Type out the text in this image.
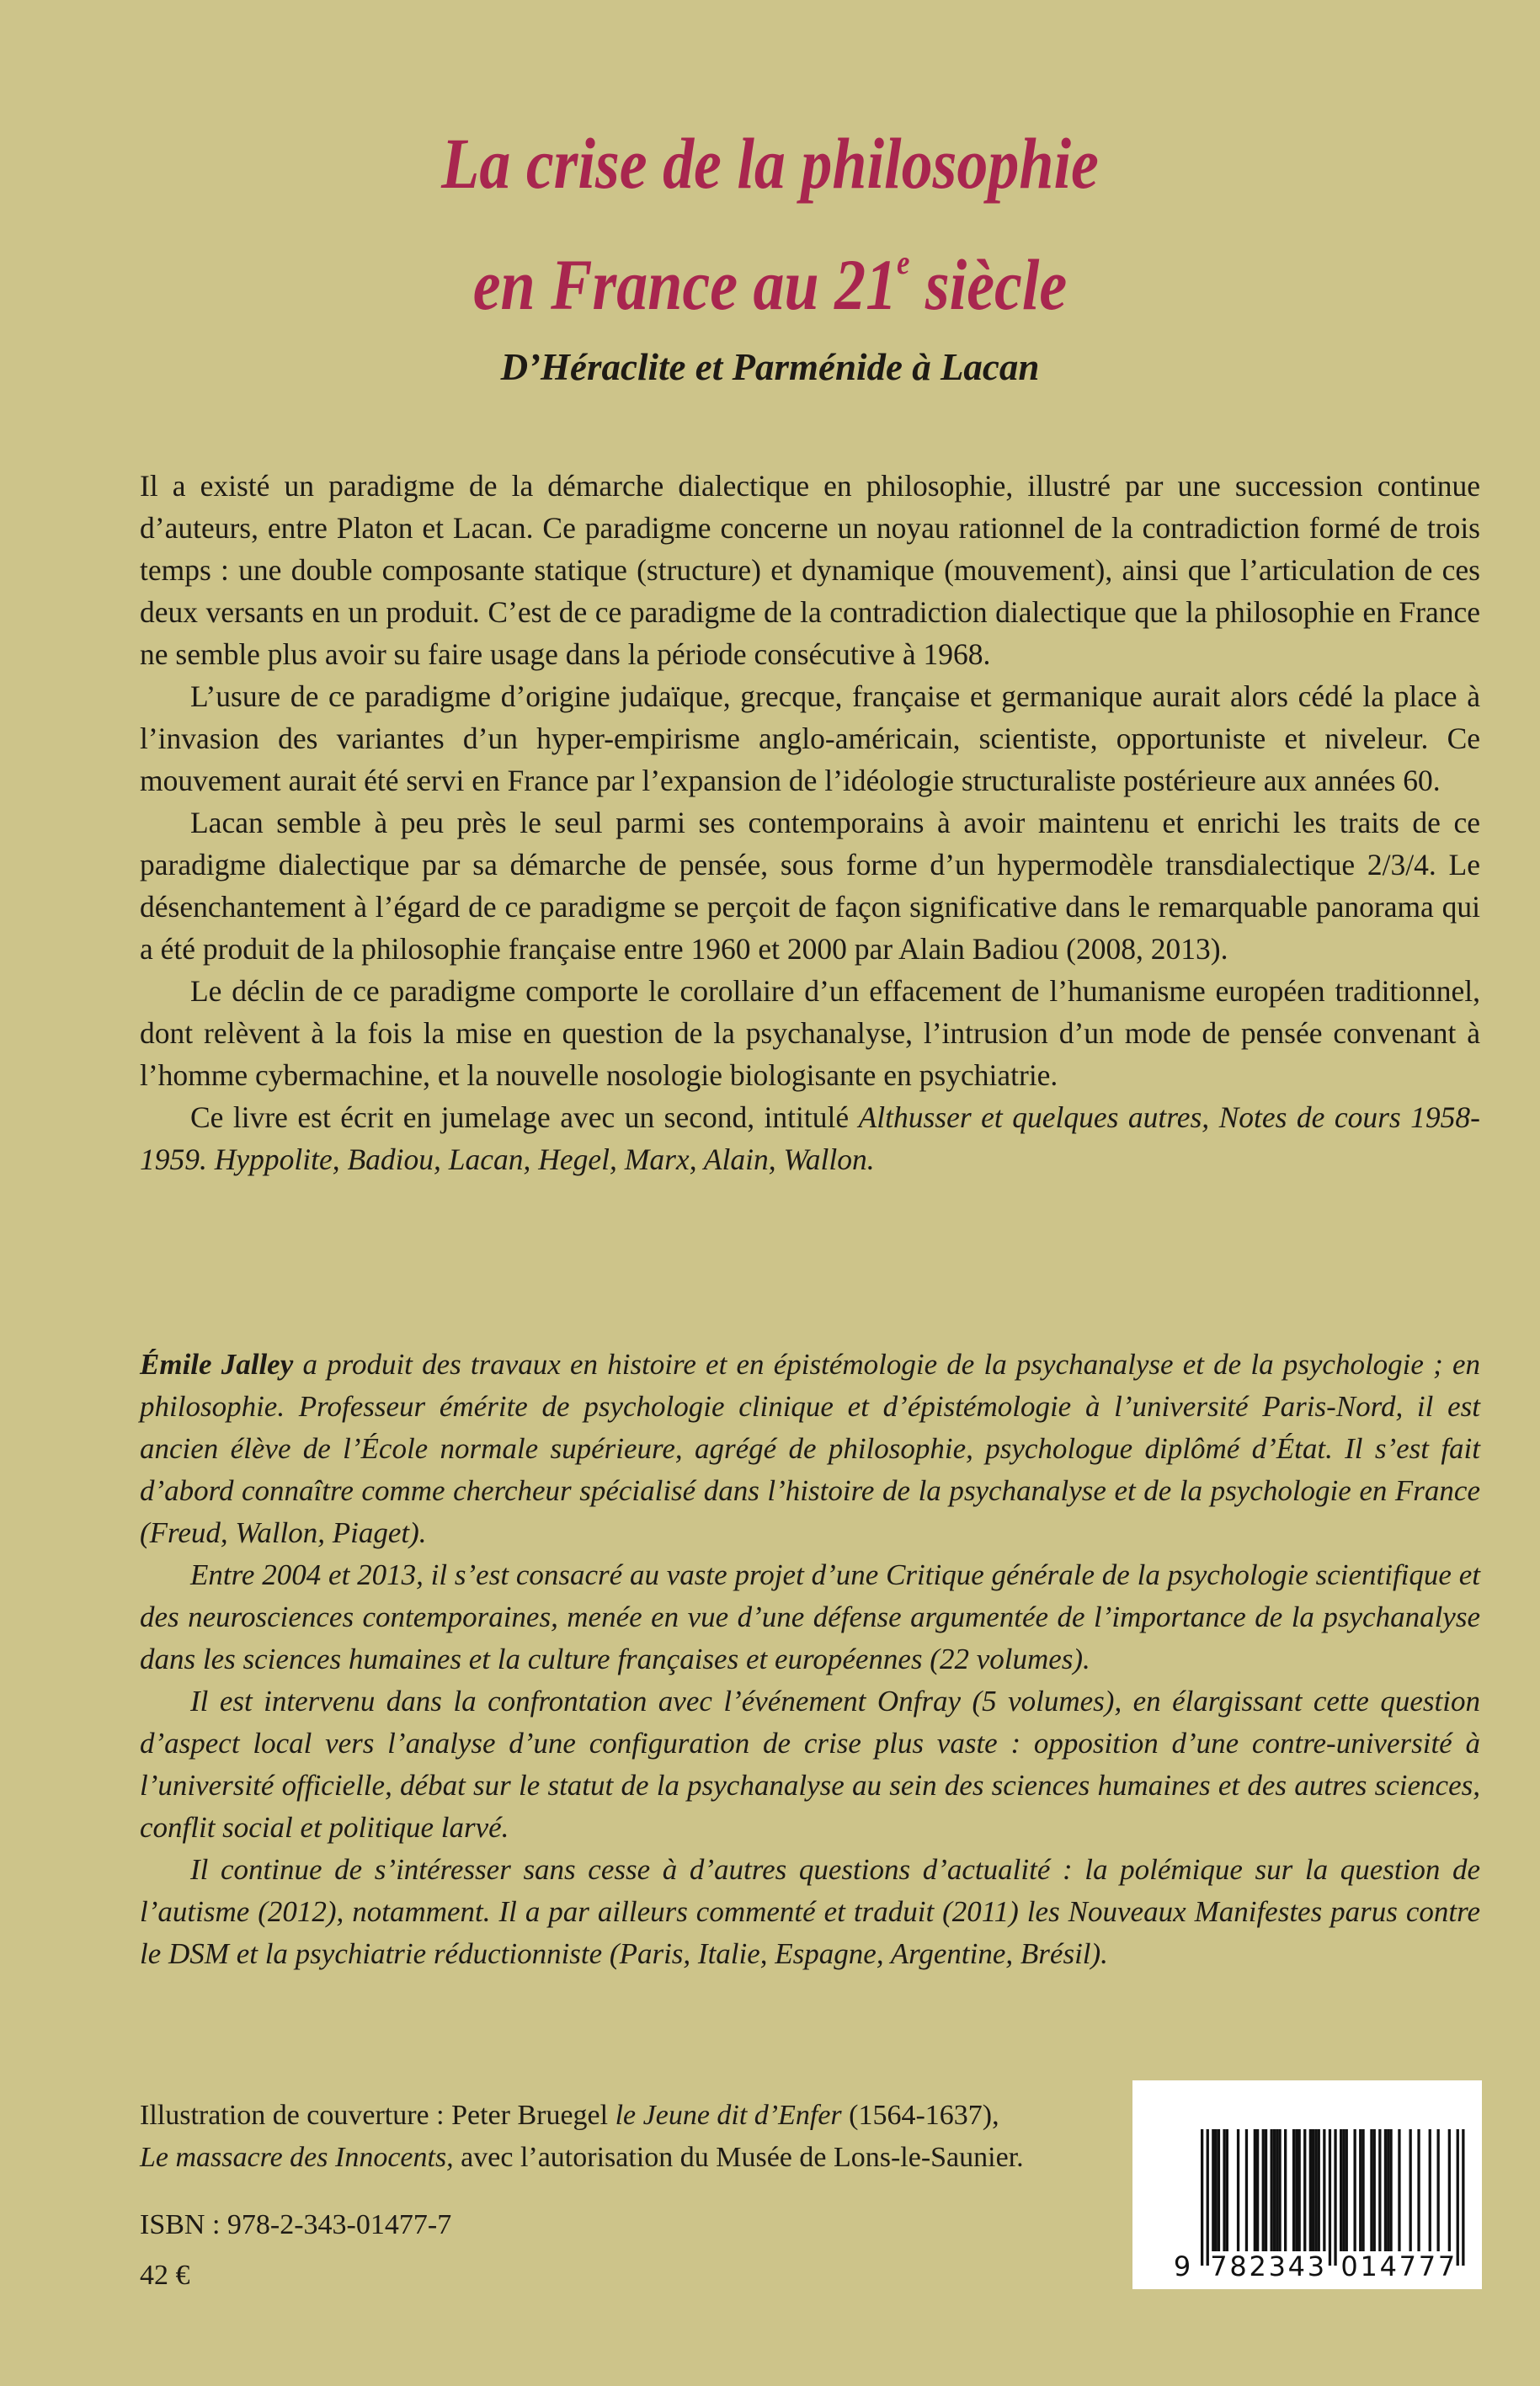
La crise de la philosophie
en France au 21e siècle
D’Héraclite et Parménide à Lacan

Il a existé un paradigme de la démarche dialectique en philosophie, illustré par une succession continue d’auteurs, entre Platon et Lacan. Ce paradigme concerne un noyau rationnel de la contradiction formé de trois temps : une double composante statique (structure) et dynamique (mouvement), ainsi que l’articulation de ces deux versants en un produit. C’est de ce paradigme de la contradiction dialectique que la philosophie en France ne semble plus avoir su faire usage dans la période consécutive à 1968.

L’usure de ce paradigme d’origine judaïque, grecque, française et germanique aurait alors cédé la place à l’invasion des variantes d’un hyper-empirisme anglo-américain, scientiste, opportuniste et niveleur. Ce mouvement aurait été servi en France par l’expansion de l’idéologie structuraliste postérieure aux années 60.

Lacan semble à peu près le seul parmi ses contemporains à avoir maintenu et enrichi les traits de ce paradigme dialectique par sa démarche de pensée, sous forme d’un hypermodèle transdialectique 2/3/4. Le désenchantement à l’égard de ce paradigme se perçoit de façon significative dans le remarquable panorama qui a été produit de la philosophie française entre 1960 et 2000 par Alain Badiou (2008, 2013).

Le déclin de ce paradigme comporte le corollaire d’un effacement de l’humanisme européen traditionnel, dont relèvent à la fois la mise en question de la psychanalyse, l’intrusion d’un mode de pensée convenant à l’homme cybermachine, et la nouvelle nosologie biologisante en psychiatrie.

Ce livre est écrit en jumelage avec un second, intitulé Althusser et quelques autres, Notes de cours 1958-1959. Hyppolite, Badiou, Lacan, Hegel, Marx, Alain, Wallon.

Émile Jalley a produit des travaux en histoire et en épistémologie de la psychanalyse et de la psychologie ; en philosophie. Professeur émérite de psychologie clinique et d’épistémologie à l’université Paris-Nord, il est ancien élève de l’École normale supérieure, agrégé de philosophie, psychologue diplômé d’État. Il s’est fait d’abord connaître comme chercheur spécialisé dans l’histoire de la psychanalyse et de la psychologie en France (Freud, Wallon, Piaget).

Entre 2004 et 2013, il s’est consacré au vaste projet d’une Critique générale de la psychologie scientifique et des neurosciences contemporaines, menée en vue d’une défense argumentée de l’importance de la psychanalyse dans les sciences humaines et la culture françaises et européennes (22 volumes).

Il est intervenu dans la confrontation avec l’événement Onfray (5 volumes), en élargissant cette question d’aspect local vers l’analyse d’une configuration de crise plus vaste : opposition d’une contre-université à l’université officielle, débat sur le statut de la psychanalyse au sein des sciences humaines et des autres sciences, conflit social et politique larvé.

Il continue de s’intéresser sans cesse à d’autres questions d’actualité : la polémique sur la question de l’autisme (2012), notamment. Il a par ailleurs commenté et traduit (2011) les Nouveaux Manifestes parus contre le DSM et la psychiatrie réductionniste (Paris, Italie, Espagne, Argentine, Brésil).

Illustration de couverture : Peter Bruegel le Jeune dit d’Enfer (1564-1637),
Le massacre des Innocents, avec l’autorisation du Musée de Lons-le-Saunier.
ISBN : 978-2-343-01477-7
42 €	9 7 8 2 3 4 3 0 1 4 7 7 7
